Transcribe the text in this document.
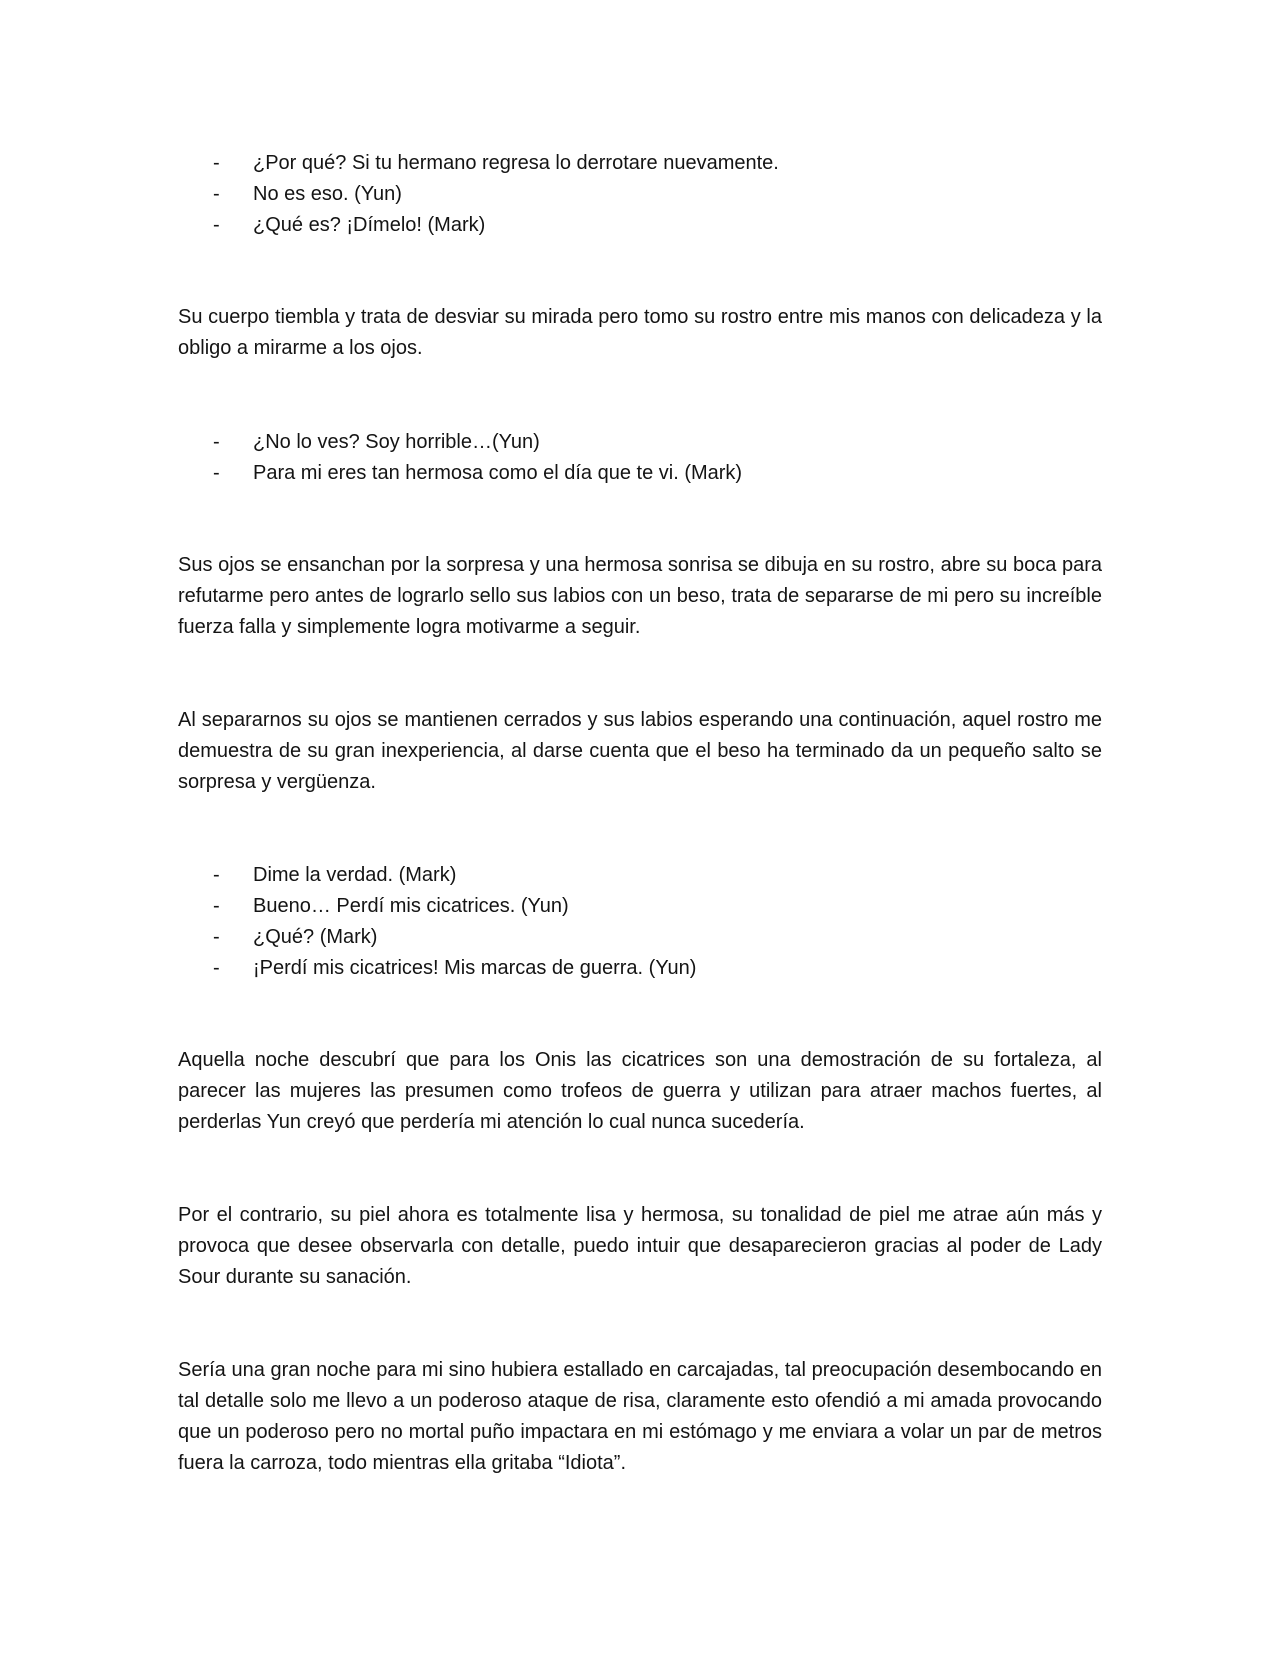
- ¿Por qué? Si tu hermano regresa lo derrotare nuevamente.
- No es eso. (Yun)
- ¿Qué es? ¡Dímelo! (Mark)

Su cuerpo tiembla y trata de desviar su mirada pero tomo su rostro entre mis manos con delicadeza y la obligo a mirarme a los ojos.

- ¿No lo ves? Soy horrible…(Yun)
- Para mi eres tan hermosa como el día que te vi. (Mark)

Sus ojos se ensanchan por la sorpresa y una hermosa sonrisa se dibuja en su rostro, abre su boca para refutarme pero antes de lograrlo sello sus labios con un beso, trata de separarse de mi pero su increíble fuerza falla y simplemente logra motivarme a seguir.

Al separarnos su ojos se mantienen cerrados y sus labios esperando una continuación, aquel rostro me demuestra de su gran inexperiencia, al darse cuenta que el beso ha terminado da un pequeño salto se sorpresa y vergüenza.

- Dime la verdad. (Mark)
- Bueno… Perdí mis cicatrices. (Yun)
- ¿Qué? (Mark)
- ¡Perdí mis cicatrices! Mis marcas de guerra. (Yun)

Aquella noche descubrí que para los Onis las cicatrices son una demostración de su fortaleza, al parecer las mujeres las presumen como trofeos de guerra y utilizan para atraer machos fuertes, al perderlas Yun creyó que perdería mi atención lo cual nunca sucedería.

Por el contrario, su piel ahora es totalmente lisa y hermosa, su tonalidad de piel me atrae aún más y provoca que desee observarla con detalle, puedo intuir que desaparecieron gracias al poder de Lady Sour durante su sanación.

Sería una gran noche para mi sino hubiera estallado en carcajadas, tal preocupación desembocando en tal detalle solo me llevo a un poderoso ataque de risa, claramente esto ofendió a mi amada provocando que un poderoso pero no mortal puño impactara en mi estómago y me enviara a volar un par de metros fuera la carroza, todo mientras ella gritaba “Idiota”.
